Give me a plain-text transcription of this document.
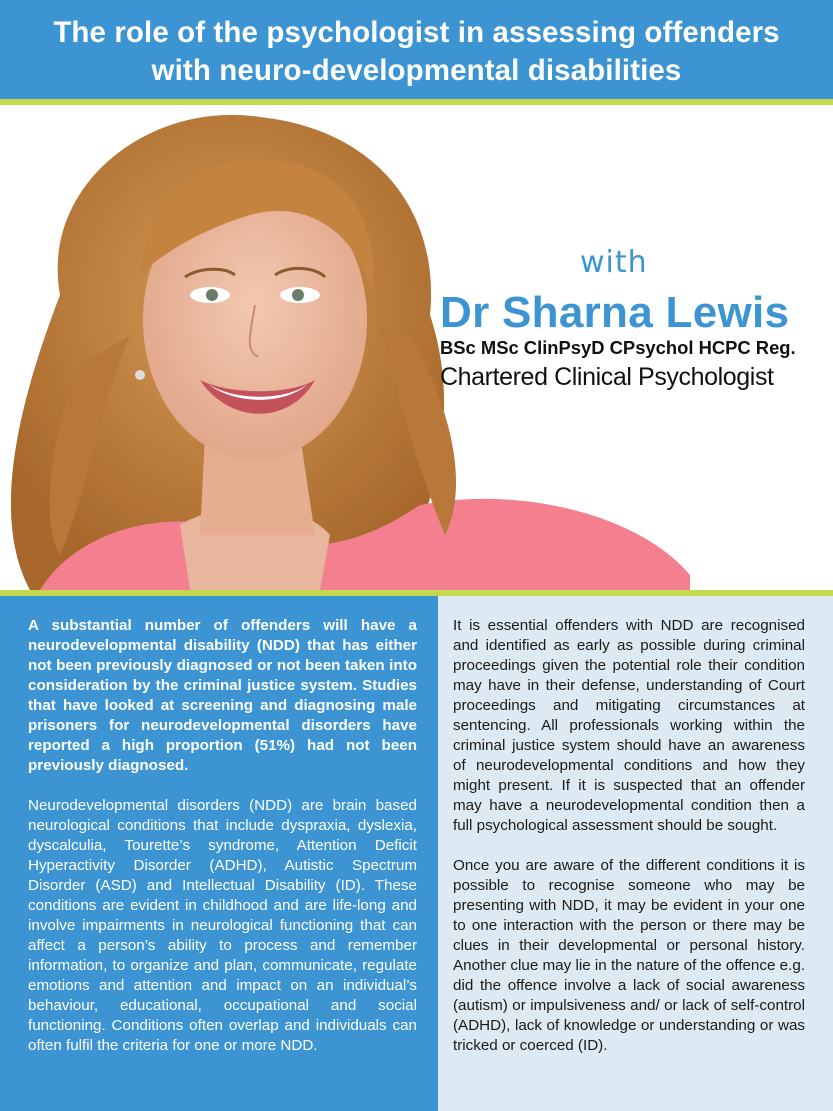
The role of the psychologist in assessing offenders
with neuro-developmental disabilities
with
Dr Sharna Lewis
BSc MSc ClinPsyD CPsychol HCPC Reg.
Chartered Clinical Psychologist

A substantial number of offenders will have a neurodevelopmental disability (NDD) that has either not been previously diagnosed or not been taken into consideration by the criminal justice system. Studies that have looked at screening and diagnosing male prisoners for neurodevelopmental disorders have reported a high proportion (51%) had not been previously diagnosed.

Neurodevelopmental disorders (NDD) are brain based neurological conditions that include dyspraxia, dyslexia, dyscalculia, Tourette’s syndrome, Attention Deficit Hyperactivity Disorder (ADHD), Autistic Spectrum Disorder (ASD) and Intellectual Disability (ID). These conditions are evident in childhood and are life-long and involve impairments in neurological functioning that can affect a person’s ability to process and remember information, to organize and plan, communicate, regulate emotions and attention and impact on an individual’s behaviour, educational, occupational and social functioning. Conditions often overlap and individuals can often fulfil the criteria for one or more NDD.

It is essential offenders with NDD are recognised and identified as early as possible during criminal proceedings given the potential role their condition may have in their defense, understanding of Court proceedings and mitigating circumstances at sentencing. All professionals working within the criminal justice system should have an awareness of neurodevelopmental conditions and how they might present. If it is suspected that an offender may have a neurodevelopmental condition then a full psychological assessment should be sought.

Once you are aware of the different conditions it is possible to recognise someone who may be presenting with NDD, it may be evident in your one to one interaction with the person or there may be clues in their developmental or personal history. Another clue may lie in the nature of the offence e.g. did the offence involve a lack of social awareness (autism) or impulsiveness and/ or lack of self-control (ADHD), lack of knowledge or understanding or was tricked or coerced (ID).
